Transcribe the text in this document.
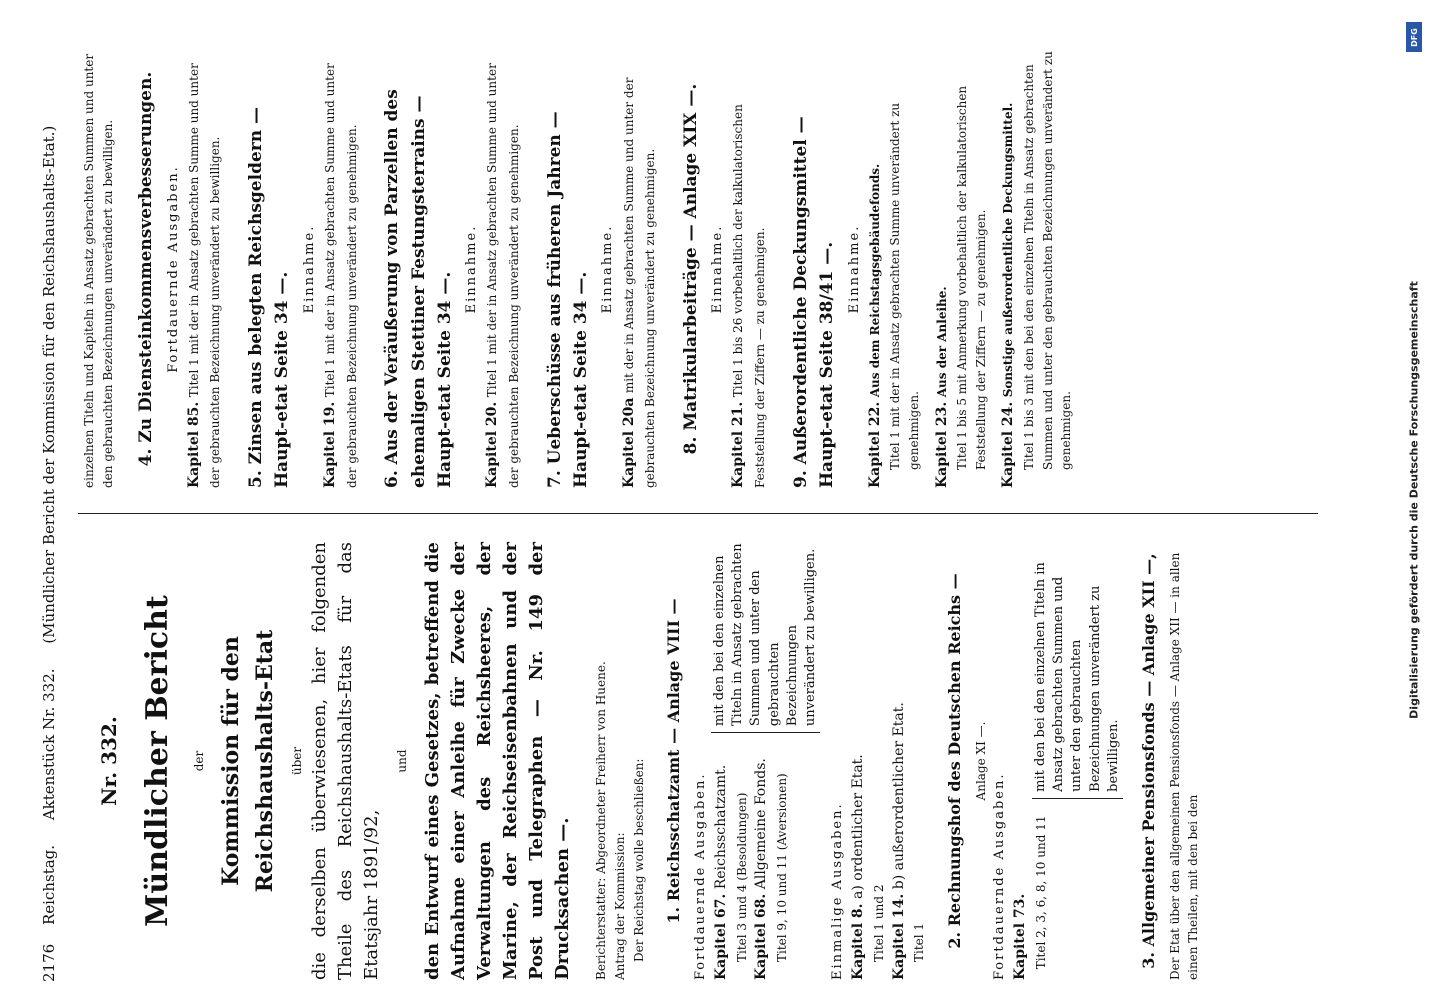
2176 Reichstag. Aktenstück Nr. 332. (Mündlicher Bericht der Kommission für den Reichshaushalts-Etat.)
Nr. 332. Mündlicher Bericht	der Kommission für den Reichshaushalts-Etat	über die derselben überwiesenen, hier folgenden Theile des Reichshaushalts-Etats für das Etatsjahr 1891/92,
und den Entwurf eines Gesetzes, betreffend die Aufnahme einer Anleihe für Zwecke der Verwaltungen des Reichsheeres, der Marine, der Reichseisenbahnen und der Post und Telegraphen — Nr. 149 der Drucksachen —. Berichterstatter: Abgeordneter Freiherr von Huene. Antrag der Kommission: Der Reichstag wolle beschließen: 1. Reichsschatzamt — Anlage VIII — Fortdauernde Ausgaben. Kapitel 67. Reichsschatzamt. Titel 3 und 4 (Besoldungen) Kapitel 68. Allgemeine Fonds. Titel 9, 10 und 11 (Aversionen)
mit den bei den einzelnen Titeln in Ansatz gebrachten Summen und unter den gebrauchten Bezeichnungen unverändert zu bewilligen.
Einmalige Ausgaben. Kapitel 8. a) ordentlicher Etat.
Titel 1 und 2 Kapitel 14. b) außerordentlicher Etat.
Titel 1 2. Rechnungshof des Deutschen Reichs — Anlage XI —.
Fortdauernde Ausgaben. Kapitel 73. Titel 2, 3, 6, 8, 10 und 11
mit den bei den einzelnen Titeln in Ansatz gebrachten Summen und unter den gebrauchten Bezeichnungen unverändert zu bewilligen. 3. Allgemeiner Pensionsfonds — Anlage XII —, Der Etat über den allgemeinen Pensionsfonds — Anlage XII — in allen einen Theilen, mit den bei den
einzelnen Titeln und Kapiteln in Ansatz gebrachten Summen und unter den gebrauchten Bezeichnungen unverändert zu bewilligen. 4. Zu Diensteinkommensverbesserungen. Fortdauernde Ausgaben.
Kapitel 85. Titel 1 mit der in Ansatz gebrachten Summe und unter der gebrauchten Bezeichnung unverändert zu bewilligen. 5. Zinsen aus belegten Reichsgeldern — Haupt-etat Seite 34 —.
Einnahme.
Kapitel 19. Titel 1 mit der in Ansatz gebrachten Summe und unter der gebrauchten Bezeichnung unverändert zu genehmigen. 6. Aus der Veräußerung von Parzellen des ehemaligen Stettiner Festungsterrains — Haupt-etat Seite 34 —.
Einnahme.
Kapitel 20. Titel 1 mit der in Ansatz gebrachten Summe und unter der gebrauchten Bezeichnung unverändert zu genehmigen. 7. Ueberschüsse aus früheren Jahren — Haupt-etat Seite 34 —.
Einnahme.
Kapitel 20a mit der in Ansatz gebrachten Summe und unter der gebrauchten Bezeichnung unverändert zu genehmigen. 8. Matrikularbeiträge — Anlage XIX —. Einnahme.
Kapitel 21. Titel 1 bis 26 vorbehaltlich der kalkulatorischen Feststellung der Ziffern — zu genehmigen. 9. Außerordentliche Deckungsmittel — Haupt-etat Seite 38/41 —. Einnahme.
Kapitel 22. Aus dem Reichstagsgebäudefonds. Titel 1 mit der in Ansatz gebrachten Summe unverändert zu genehmigen. Kapitel 23. Aus der Anleihe. Titel 1 bis 5 mit Anmerkung vorbehaltlich der kalkulatorischen Feststellung der Ziffern — zu genehmigen. Kapitel 24. Sonstige außerordentliche Deckungsmittel. Titel 1 bis 3 mit den bei den einzelnen Titeln in Ansatz gebrachten Summen und unter den gebrauchten Bezeichnungen unverändert zu genehmigen.
DFG
Digitalisierung gefördert durch die Deutsche Forschungsgemeinschaft
